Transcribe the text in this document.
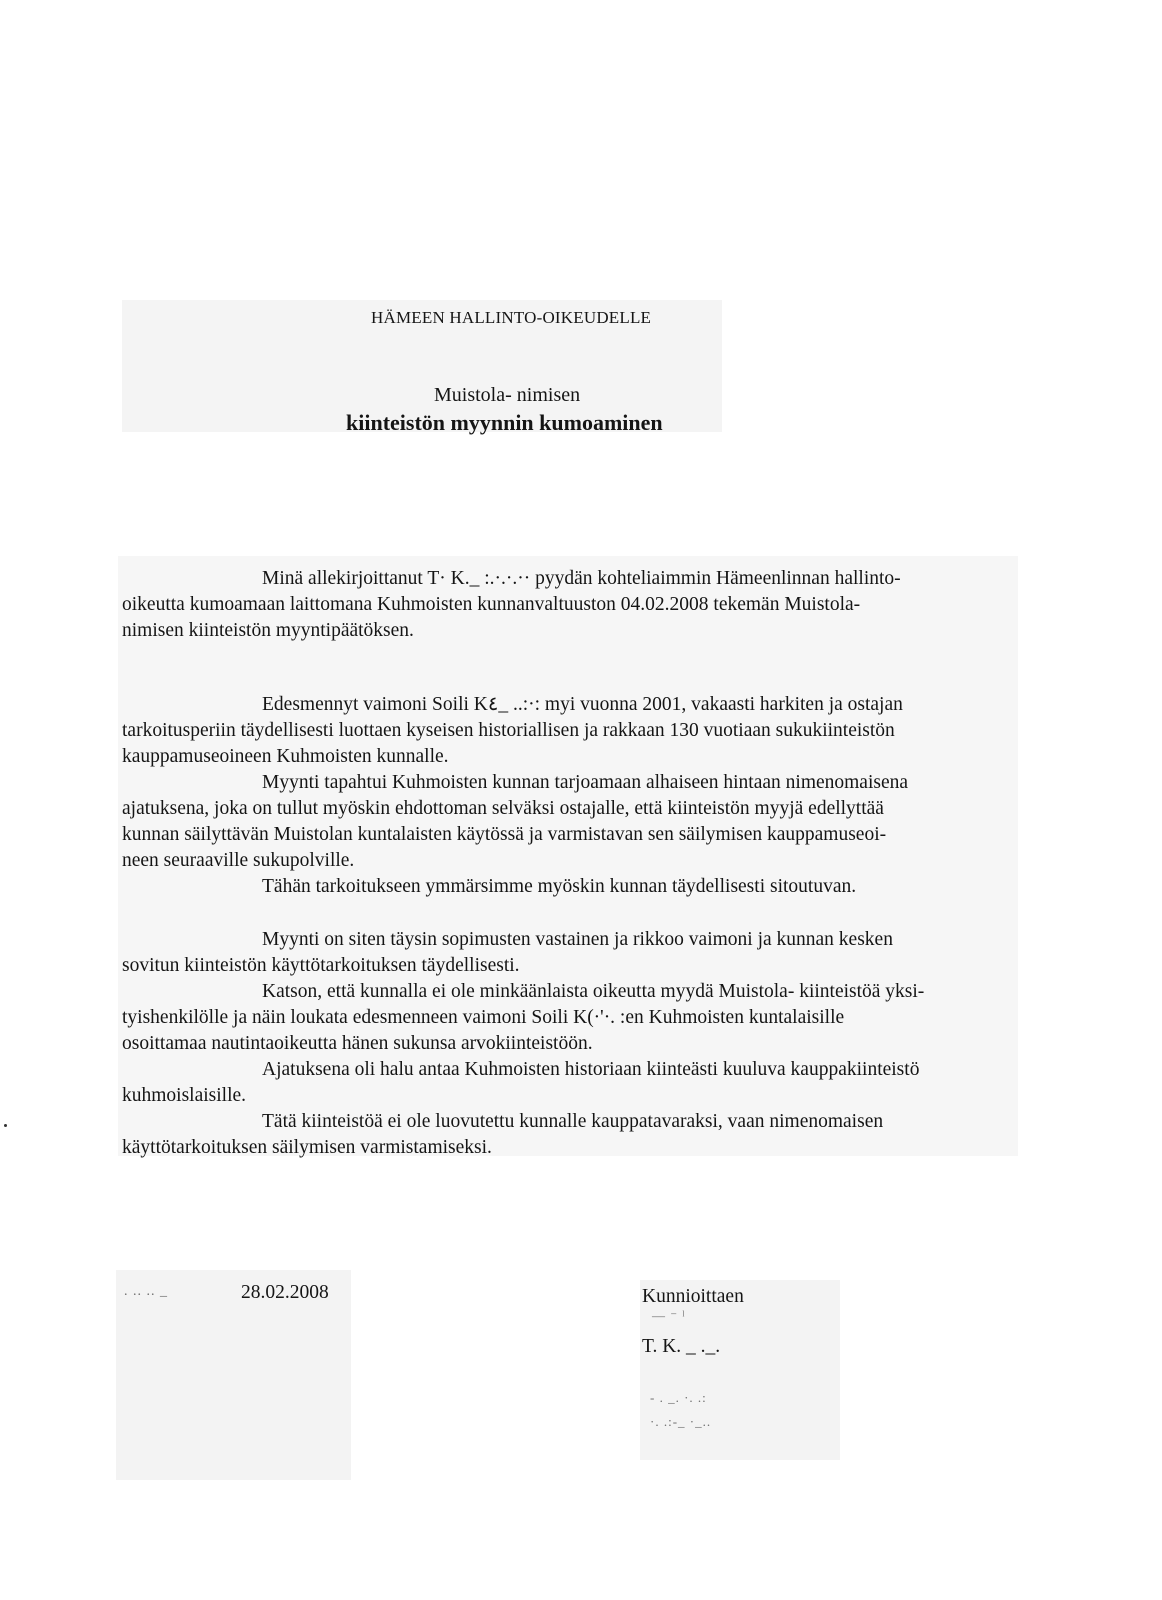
HÄMEEN HALLINTO-OIKEUDELLE
Muistola- nimisen
kiinteistön myynnin kumoaminen
Minä allekirjoittanut T· K._ :.·.·.·· pyydän kohteliaimmin Hämeenlinnan hallinto-
oikeutta kumoamaan laittomana Kuhmoisten kunnanvaltuuston 04.02.2008 tekemän Muistola-
nimisen kiinteistön myyntipäätöksen.
Edesmennyt vaimoni Soili K٤_ ..:·: myi vuonna 2001, vakaasti harkiten ja ostajan
tarkoitusperiin täydellisesti luottaen kyseisen historiallisen ja rakkaan 130 vuotiaan sukukiinteistön
kauppamuseoineen Kuhmoisten kunnalle.
Myynti tapahtui Kuhmoisten kunnan tarjoamaan alhaiseen hintaan nimenomaisena
ajatuksena, joka on tullut myöskin ehdottoman selväksi ostajalle, että kiinteistön myyjä edellyttää
kunnan säilyttävän Muistolan kuntalaisten käytössä ja varmistavan sen säilymisen kauppamuseoi-
neen seuraaville sukupolville.
Tähän tarkoitukseen ymmärsimme myöskin kunnan täydellisesti sitoutuvan.
Myynti on siten täysin sopimusten vastainen ja rikkoo vaimoni ja kunnan kesken
sovitun kiinteistön käyttötarkoituksen täydellisesti.
Katson, että kunnalla ei ole minkäänlaista oikeutta myydä Muistola- kiinteistöä yksi-
tyishenkilölle ja näin loukata edesmenneen vaimoni Soili K(·'·. :en Kuhmoisten kuntalaisille
osoittamaa nautintaoikeutta hänen sukunsa arvokiinteistöön.
Ajatuksena oli halu antaa Kuhmoisten historiaan kiinteästi kuuluva kauppakiinteistö
kuhmoislaisille.
Tätä kiinteistöä ei ole luovutettu kunnalle kauppatavaraksi, vaan nimenomaisen
käyttötarkoituksen säilymisen varmistamiseksi.
. .. .. _	28.02.2008	Kunnioittaen
— ⁻ ˡ
T. K. _ ._.
- . _. ·. .:
·. .:-_ ·_..
